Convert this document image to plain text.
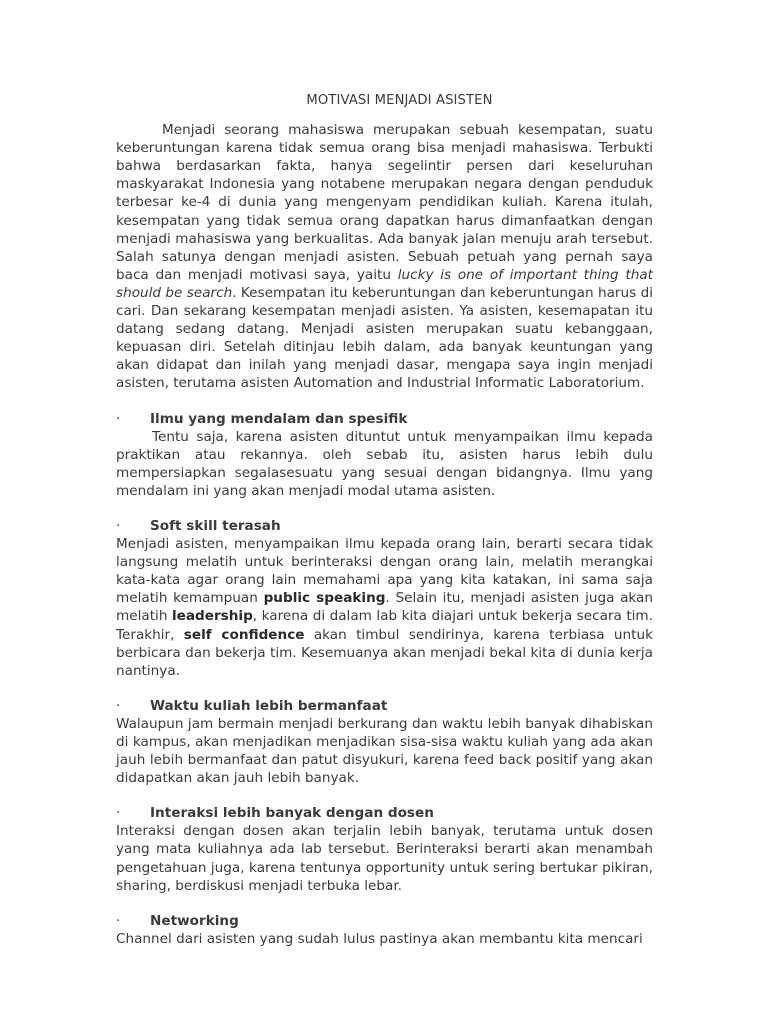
MOTIVASI MENJADI ASISTEN

Menjadi seorang mahasiswa merupakan sebuah kesempatan, suatu keberuntungan karena tidak semua orang bisa menjadi mahasiswa. Terbukti bahwa berdasarkan fakta, hanya segelintir persen dari keseluruhan maskyarakat Indonesia yang notabene merupakan negara dengan penduduk terbesar ke-4 di dunia yang mengenyam pendidikan kuliah. Karena itulah, kesempatan yang tidak semua orang dapatkan harus dimanfaatkan dengan menjadi mahasiswa yang berkualitas. Ada banyak jalan menuju arah tersebut. Salah satunya dengan menjadi asisten. Sebuah petuah yang pernah saya baca dan menjadi motivasi saya, yaitu lucky is one of important thing that should be search. Kesempatan itu keberuntungan dan keberuntungan harus di cari. Dan sekarang kesempatan menjadi asisten. Ya asisten, kesemapatan itu datang sedang datang. Menjadi asisten merupakan suatu kebanggaan, kepuasan diri. Setelah ditinjau lebih dalam, ada banyak keuntungan yang akan didapat dan inilah yang menjadi dasar, mengapa saya ingin menjadi asisten, terutama asisten Automation and Industrial Informatic Laboratorium.

·	Ilmu yang mendalam dan spesifik

Tentu saja, karena asisten dituntut untuk menyampaikan ilmu kepada praktikan atau rekannya. oleh sebab itu, asisten harus lebih dulu mempersiapkan segalasesuatu yang sesuai dengan bidangnya. Ilmu yang mendalam ini yang akan menjadi modal utama asisten.

·	Soft skill terasah

Menjadi asisten, menyampaikan ilmu kepada orang lain, berarti secara tidak langsung melatih untuk berinteraksi dengan orang lain, melatih merangkai kata-kata agar orang lain memahami apa yang kita katakan, ini sama saja melatih kemampuan public speaking. Selain itu, menjadi asisten juga akan melatih leadership, karena di dalam lab kita diajari untuk bekerja secara tim. Terakhir, self confidence akan timbul sendirinya, karena terbiasa untuk berbicara dan bekerja tim. Kesemuanya akan menjadi bekal kita di dunia kerja nantinya.

·	Waktu kuliah lebih bermanfaat

Walaupun jam bermain menjadi berkurang dan waktu lebih banyak dihabiskan di kampus, akan menjadikan menjadikan sisa-sisa waktu kuliah yang ada akan jauh lebih bermanfaat dan patut disyukuri, karena feed back positif yang akan didapatkan akan jauh lebih banyak.

·	Interaksi lebih banyak dengan dosen

Interaksi dengan dosen akan terjalin lebih banyak, terutama untuk dosen yang mata kuliahnya ada lab tersebut. Berinteraksi berarti akan menambah pengetahuan juga, karena tentunya opportunity untuk sering bertukar pikiran, sharing, berdiskusi menjadi terbuka lebar.

·	Networking

Channel dari asisten yang sudah lulus pastinya akan membantu kita mencari
